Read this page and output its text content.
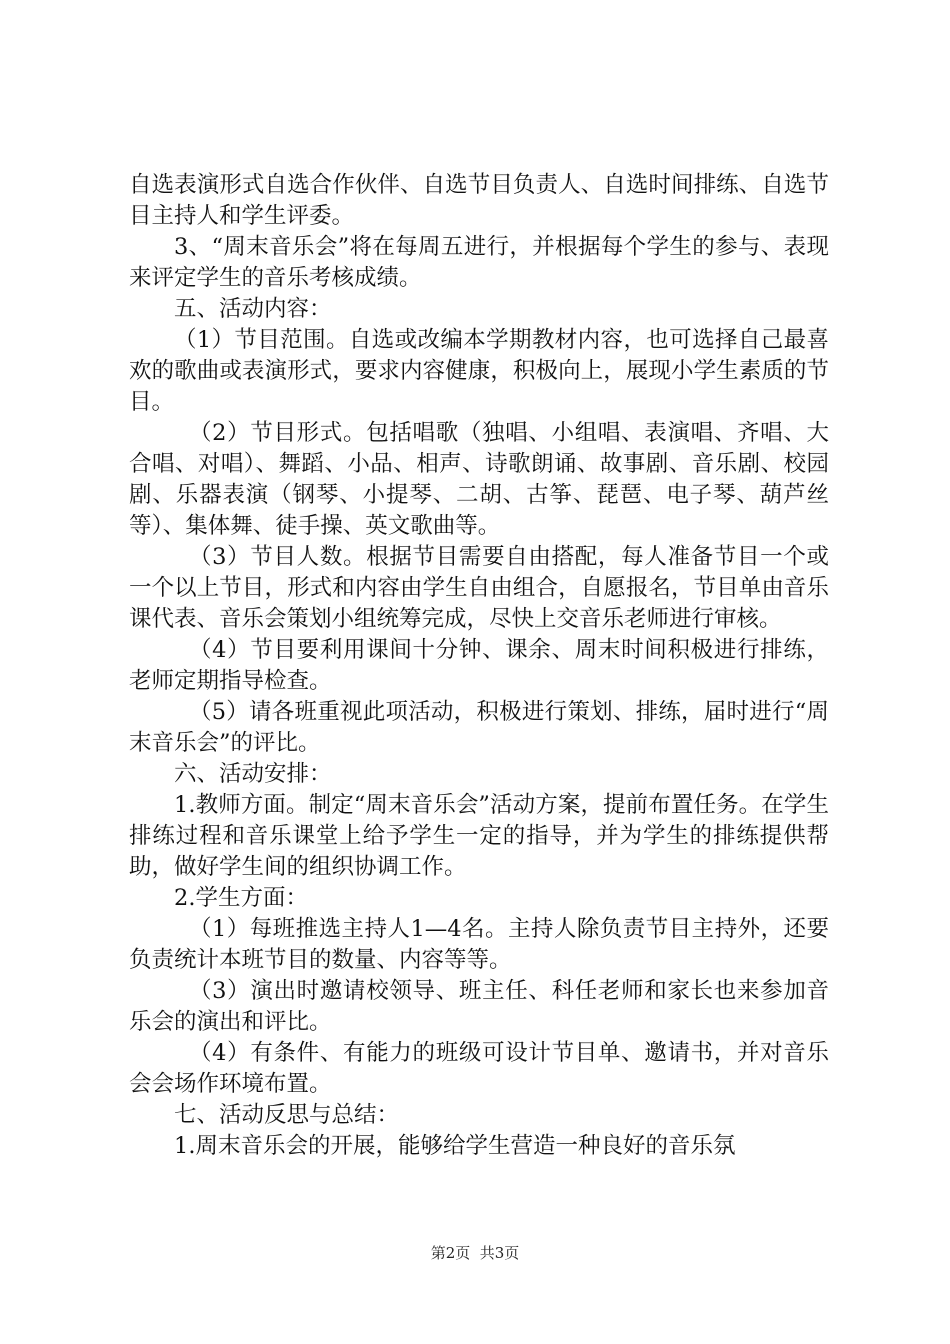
自选表演形式自选合作伙伴、自选节目负责人、自选时间排练、自选节目主持人和学生评委。

3、“周末音乐会”将在每周五进行，并根据每个学生的参与、表现来评定学生的音乐考核成绩。

五、活动内容：

（1）节目范围。自选或改编本学期教材内容，也可选择自己最喜欢的歌曲或表演形式，要求内容健康，积极向上，展现小学生素质的节目。

（2）节目形式。包括唱歌（独唱、小组唱、表演唱、齐唱、大合唱、对唱）、舞蹈、小品、相声、诗歌朗诵、故事剧、音乐剧、校园剧、乐器表演（钢琴、小提琴、二胡、古筝、琵琶、电子琴、葫芦丝等）、集体舞、徒手操、英文歌曲等。

（3）节目人数。根据节目需要自由搭配，每人准备节目一个或一个以上节目，形式和内容由学生自由组合，自愿报名，节目单由音乐课代表、音乐会策划小组统筹完成，尽快上交音乐老师进行审核。

（4）节目要利用课间十分钟、课余、周末时间积极进行排练，老师定期指导检查。

（5）请各班重视此项活动，积极进行策划、排练，届时进行“周末音乐会”的评比。

六、活动安排：

1.教师方面。制定“周末音乐会”活动方案，提前布置任务。在学生排练过程和音乐课堂上给予学生一定的指导，并为学生的排练提供帮助，做好学生间的组织协调工作。

2.学生方面：

（1）每班推选主持人1—4名。主持人除负责节目主持外，还要负责统计本班节目的数量、内容等等。

（3）演出时邀请校领导、班主任、科任老师和家长也来参加音乐会的演出和评比。

（4）有条件、有能力的班级可设计节目单、邀请书，并对音乐会会场作环境布置。

七、活动反思与总结：

1.周末音乐会的开展，能够给学生营造一种良好的音乐氛

第2页  共3页
